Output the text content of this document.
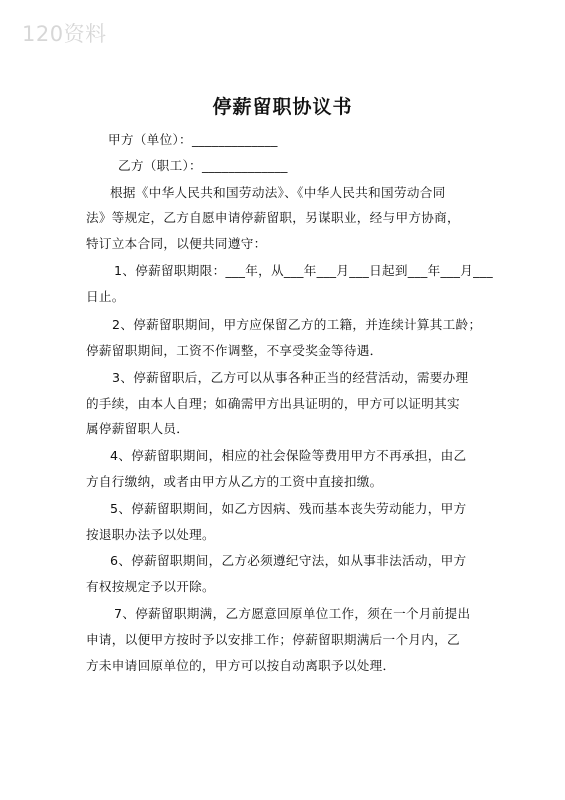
120资料
停薪留职协议书
甲方（单位）：_____________
乙方（职工）：_____________
根据《中华人民共和国劳动法》、《中华人民共和国劳动合同
法》等规定，乙方自愿申请停薪留职，另谋职业，经与甲方协商，
特订立本合同，以便共同遵守：
1、停薪留职期限：___年，从___年___月___日起到___年___月___
日止。
2、停薪留职期间，甲方应保留乙方的工籍，并连续计算其工龄；
停薪留职期间，工资不作调整，不享受奖金等待遇．
3、停薪留职后，乙方可以从事各种正当的经营活动，需要办理
的手续，由本人自理；如确需甲方出具证明的，甲方可以证明其实
属停薪留职人员．
4、停薪留职期间，相应的社会保险等费用甲方不再承担，由乙
方自行缴纳，或者由甲方从乙方的工资中直接扣缴。
5、停薪留职期间，如乙方因病、残而基本丧失劳动能力，甲方
按退职办法予以处理。
6、停薪留职期间，乙方必须遵纪守法，如从事非法活动，甲方
有权按规定予以开除。
7、停薪留职期满，乙方愿意回原单位工作，须在一个月前提出
申请，以便甲方按时予以安排工作；停薪留职期满后一个月内，乙
方未申请回原单位的，甲方可以按自动离职予以处理．
